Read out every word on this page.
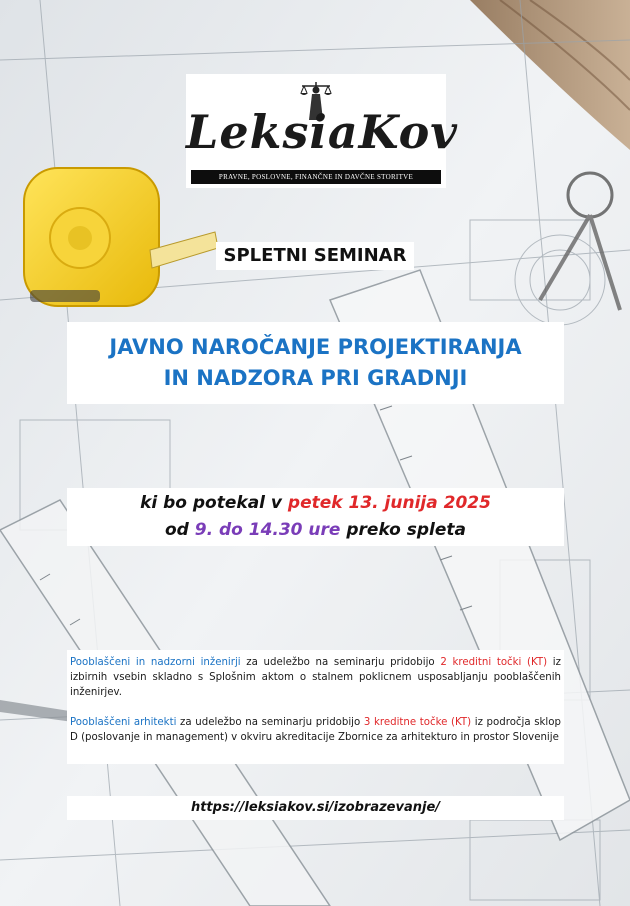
LeksiaKov
PRAVNE, POSLOVNE, FINANČNE IN DAVČNE STORITVE
SPLETNI SEMINAR
JAVNO NAROČANJE PROJEKTIRANJA
IN NADZORA PRI GRADNJI
ki bo potekal v petek 13. junija 2025
od 9. do 14.30 ure preko spleta

Pooblaščeni in nadzorni inženirji za udeležbo na seminarju pridobijo 2 kreditni točki (KT) iz izbirnih vsebin skladno s Splošnim aktom o stalnem poklicnem usposabljanju pooblaščenih inženirjev.

Pooblaščeni arhitekti za udeležbo na seminarju pridobijo 3 kreditne točke (KT) iz področja sklop D (poslovanje in management) v okviru akreditacije Zbornice za arhitekturo in prostor Slovenije

https://leksiakov.si/izobrazevanje/
